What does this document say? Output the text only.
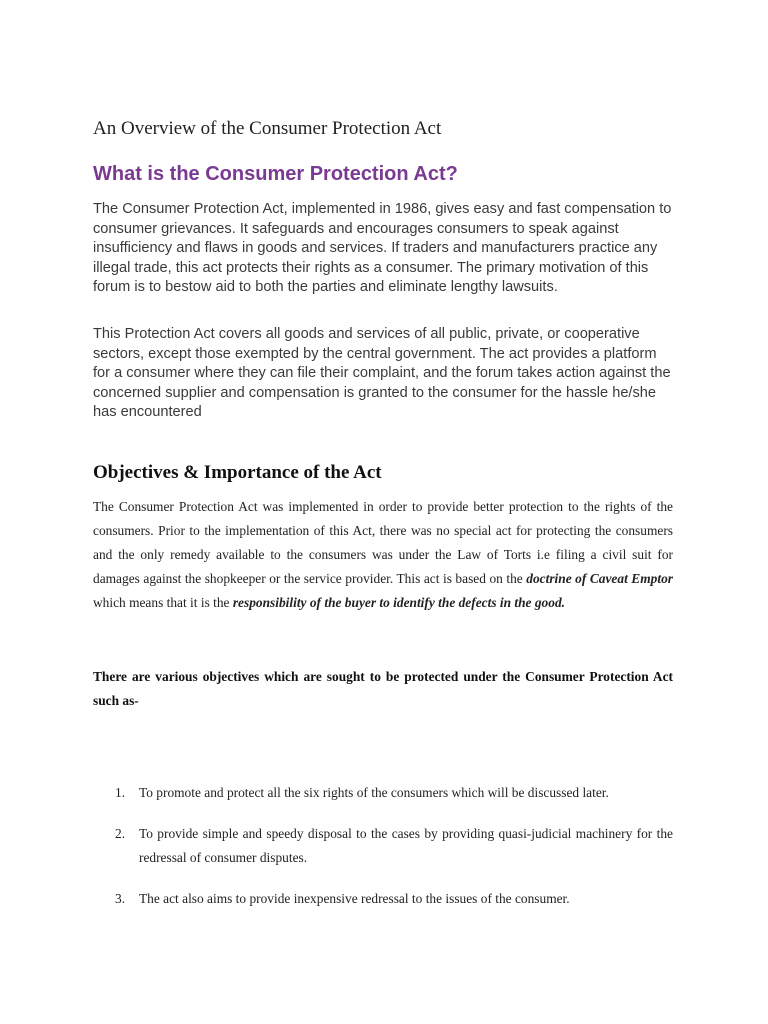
An Overview of the Consumer Protection Act
What is the Consumer Protection Act?

The Consumer Protection Act, implemented in 1986, gives easy and fast compensation to consumer grievances. It safeguards and encourages consumers to speak against insufficiency and flaws in goods and services. If traders and manufacturers practice any illegal trade, this act protects their rights as a consumer. The primary motivation of this forum is to bestow aid to both the parties and eliminate lengthy lawsuits.

This Protection Act covers all goods and services of all public, private, or cooperative sectors, except those exempted by the central government. The act provides a platform for a consumer where they can file their complaint, and the forum takes action against the concerned supplier and compensation is granted to the consumer for the hassle he/she has encountered

Objectives & Importance of the Act

The Consumer Protection Act was implemented in order to provide better protection to the rights of the consumers. Prior to the implementation of this Act, there was no special act for protecting the consumers and the only remedy available to the consumers was under the Law of Torts i.e filing a civil suit for damages against the shopkeeper or the service provider. This act is based on the doctrine of Caveat Emptor which means that it is the responsibility of the buyer to identify the defects in the good.

There are various objectives which are sought to be protected under the Consumer Protection Act such as-

1. To promote and protect all the six rights of the consumers which will be discussed later.
2. To provide simple and speedy disposal to the cases by providing quasi-judicial machinery for the redressal of consumer disputes.
3. The act also aims to provide inexpensive redressal to the issues of the consumer.
